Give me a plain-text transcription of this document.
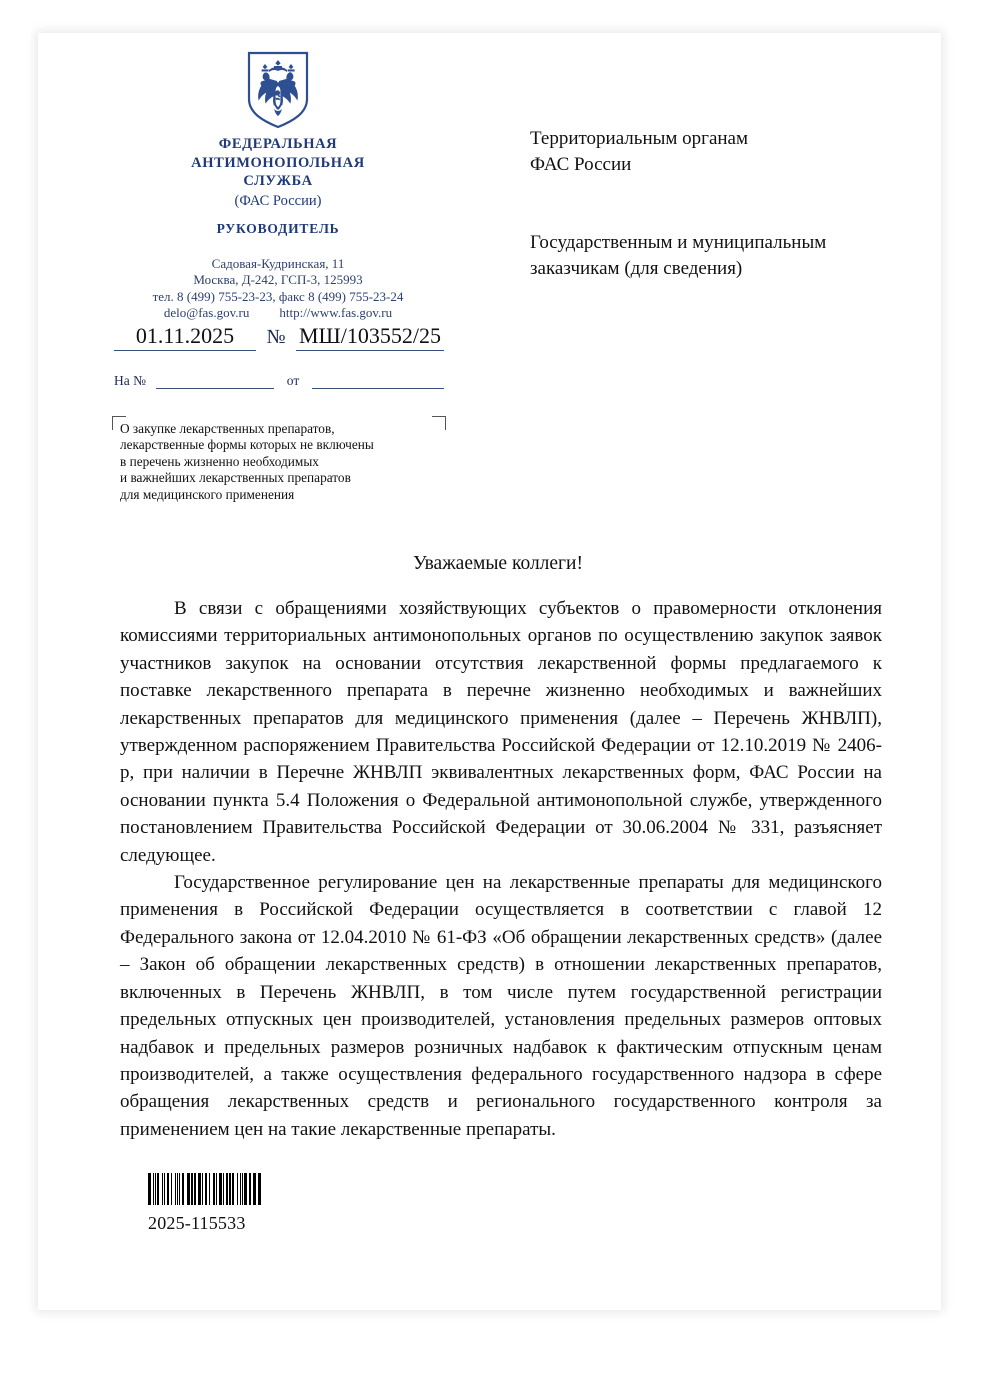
ФЕДЕРАЛЬНАЯ
АНТИМОНОПОЛЬНАЯ
СЛУЖБА
(ФАС России)
РУКОВОДИТЕЛЬ
Садовая-Кудринская, 11
Москва, Д-242, ГСП-3, 125993
тел. 8 (499) 755-23-23, факс 8 (499) 755-23-24
delo@fas.gov.ru http://www.fas.gov.ru
01.11.2025	№ МШ/103552/25
На №	от

О закупке лекарственных препаратов,

лекарственные формы которых не включены

в перечень жизненно необходимых

и важнейших лекарственных препаратов

для медицинского применения

Территориальным органам
ФАС России
Государственным и муниципальным
заказчикам (для сведения)
Уважаемые коллеги!

В связи с обращениями хозяйствующих субъектов о правомерности отклонения комиссиями территориальных антимонопольных органов по осуществлению закупок заявок участников закупок на основании отсутствия лекарственной формы предлагаемого к поставке лекарственного препарата в перечне жизненно необходимых и важнейших лекарственных препаратов для медицинского применения (далее – Перечень ЖНВЛП), утвержденном распоряжением Правительства Российской Федерации от 12.10.2019 № 2406-р, при наличии в Перечне ЖНВЛП эквивалентных лекарственных форм, ФАС России на основании пункта 5.4 Положения о Федеральной антимонопольной службе, утвержденного постановлением Правительства Российской Федерации от 30.06.2004 № 331, разъясняет следующее.

Государственное регулирование цен на лекарственные препараты для медицинского применения в Российской Федерации осуществляется в соответствии с главой 12 Федерального закона от 12.04.2010 № 61-ФЗ «Об обращении лекарственных средств» (далее – Закон об обращении лекарственных средств) в отношении лекарственных препаратов, включенных в Перечень ЖНВЛП, в том числе путем государственной регистрации предельных отпускных цен производителей, установления предельных размеров оптовых надбавок и предельных размеров розничных надбавок к фактическим отпускным ценам производителей, а также осуществления федерального государственного надзора в сфере обращения лекарственных средств и регионального государственного контроля за применением цен на такие лекарственные препараты.

2025-115533
